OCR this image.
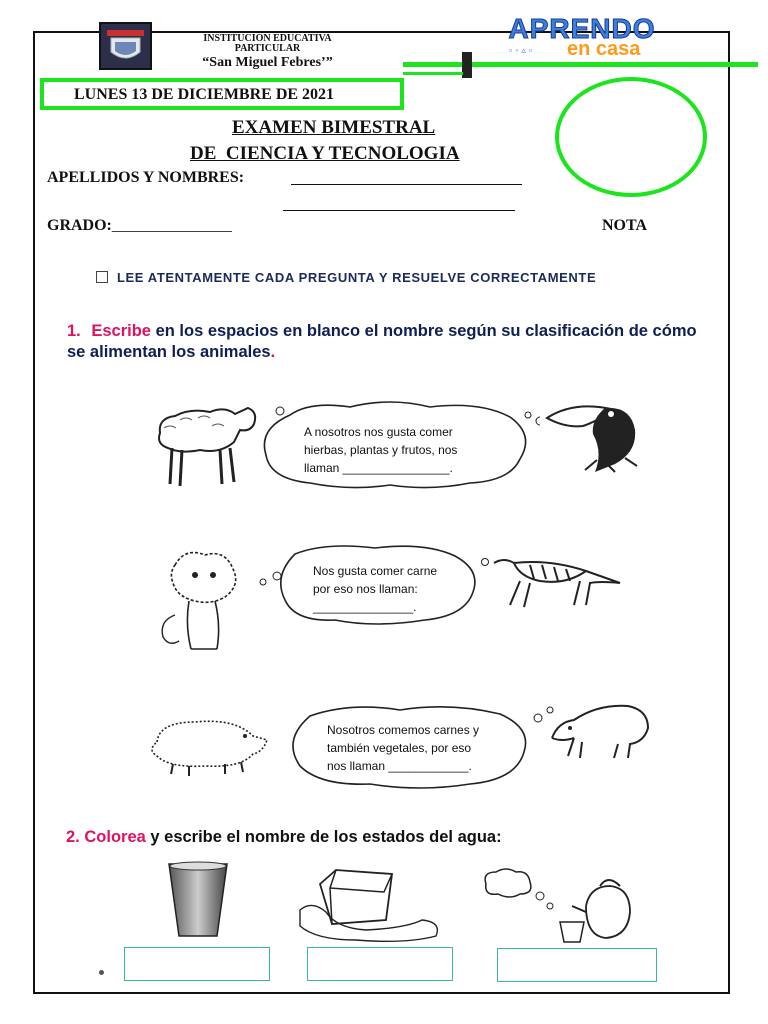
INSTITUCIÓN EDUCATIVA
PARTICULAR
“San Miguel Febres’”
APRENDO
en casa
▫◦▵▫
LUNES 13 DE DICIEMBRE DE 2021
EXAMEN BIMESTRAL
DE  CIENCIA Y TECNOLOGIA
APELLIDOS Y NOMBRES:
GRADO:_______________	NOTA
LEE ATENTAMENTE CADA PREGUNTA Y RESUELVE CORRECTAMENTE
1. Escribe en los espacios en blanco el nombre según su clasificación de cómo se alimentan los animales.
A nosotros nos gusta comer
hierbas, plantas y frutos, nos
llaman ________________.
Nos gusta comer carne
por eso nos llaman:
_______________.
Nosotros comemos carnes y
también vegetales, por eso
nos llaman ____________.
2. Colorea y escribe el nombre de los estados del agua:
